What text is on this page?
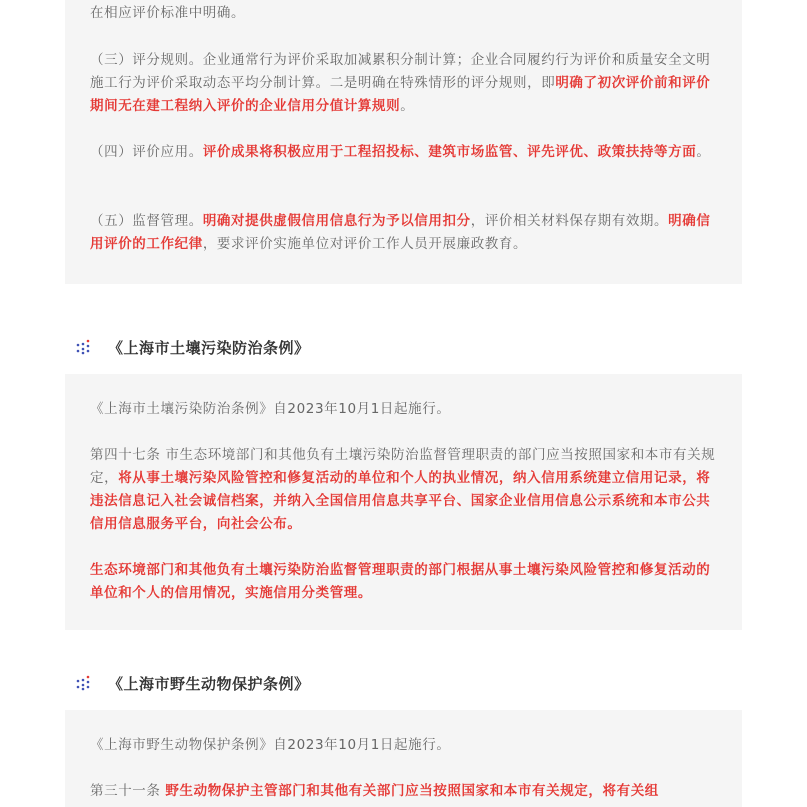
在相应评价标准中明确。

（三）评分规则。企业通常行为评价采取加减累积分制计算；企业合同履约行为评价和质量安全文明施工行为评价采取动态平均分制计算。二是明确在特殊情形的评分规则，即明确了初次评价前和评价期间无在建工程纳入评价的企业信用分值计算规则。

（四）评价应用。评价成果将积极应用于工程招投标、建筑市场监管、评先评优、政策扶持等方面。

（五）监督管理。明确对提供虚假信用信息行为予以信用扣分，评价相关材料保存期有效期。明确信用评价的工作纪律，要求评价实施单位对评价工作人员开展廉政教育。

《上海市土壤污染防治条例》

《上海市土壤污染防治条例》自2023年10月1日起施行。

第四十七条 市生态环境部门和其他负有土壤污染防治监督管理职责的部门应当按照国家和本市有关规定，将从事土壤污染风险管控和修复活动的单位和个人的执业情况，纳入信用系统建立信用记录，将违法信息记入社会诚信档案，并纳入全国信用信息共享平台、国家企业信用信息公示系统和本市公共信用信息服务平台，向社会公布。

生态环境部门和其他负有土壤污染防治监督管理职责的部门根据从事土壤污染风险管控和修复活动的单位和个人的信用情况，实施信用分类管理。

《上海市野生动物保护条例》

《上海市野生动物保护条例》自2023年10月1日起施行。

第三十一条 野生动物保护主管部门和其他有关部门应当按照国家和本市有关规定，将有关组
